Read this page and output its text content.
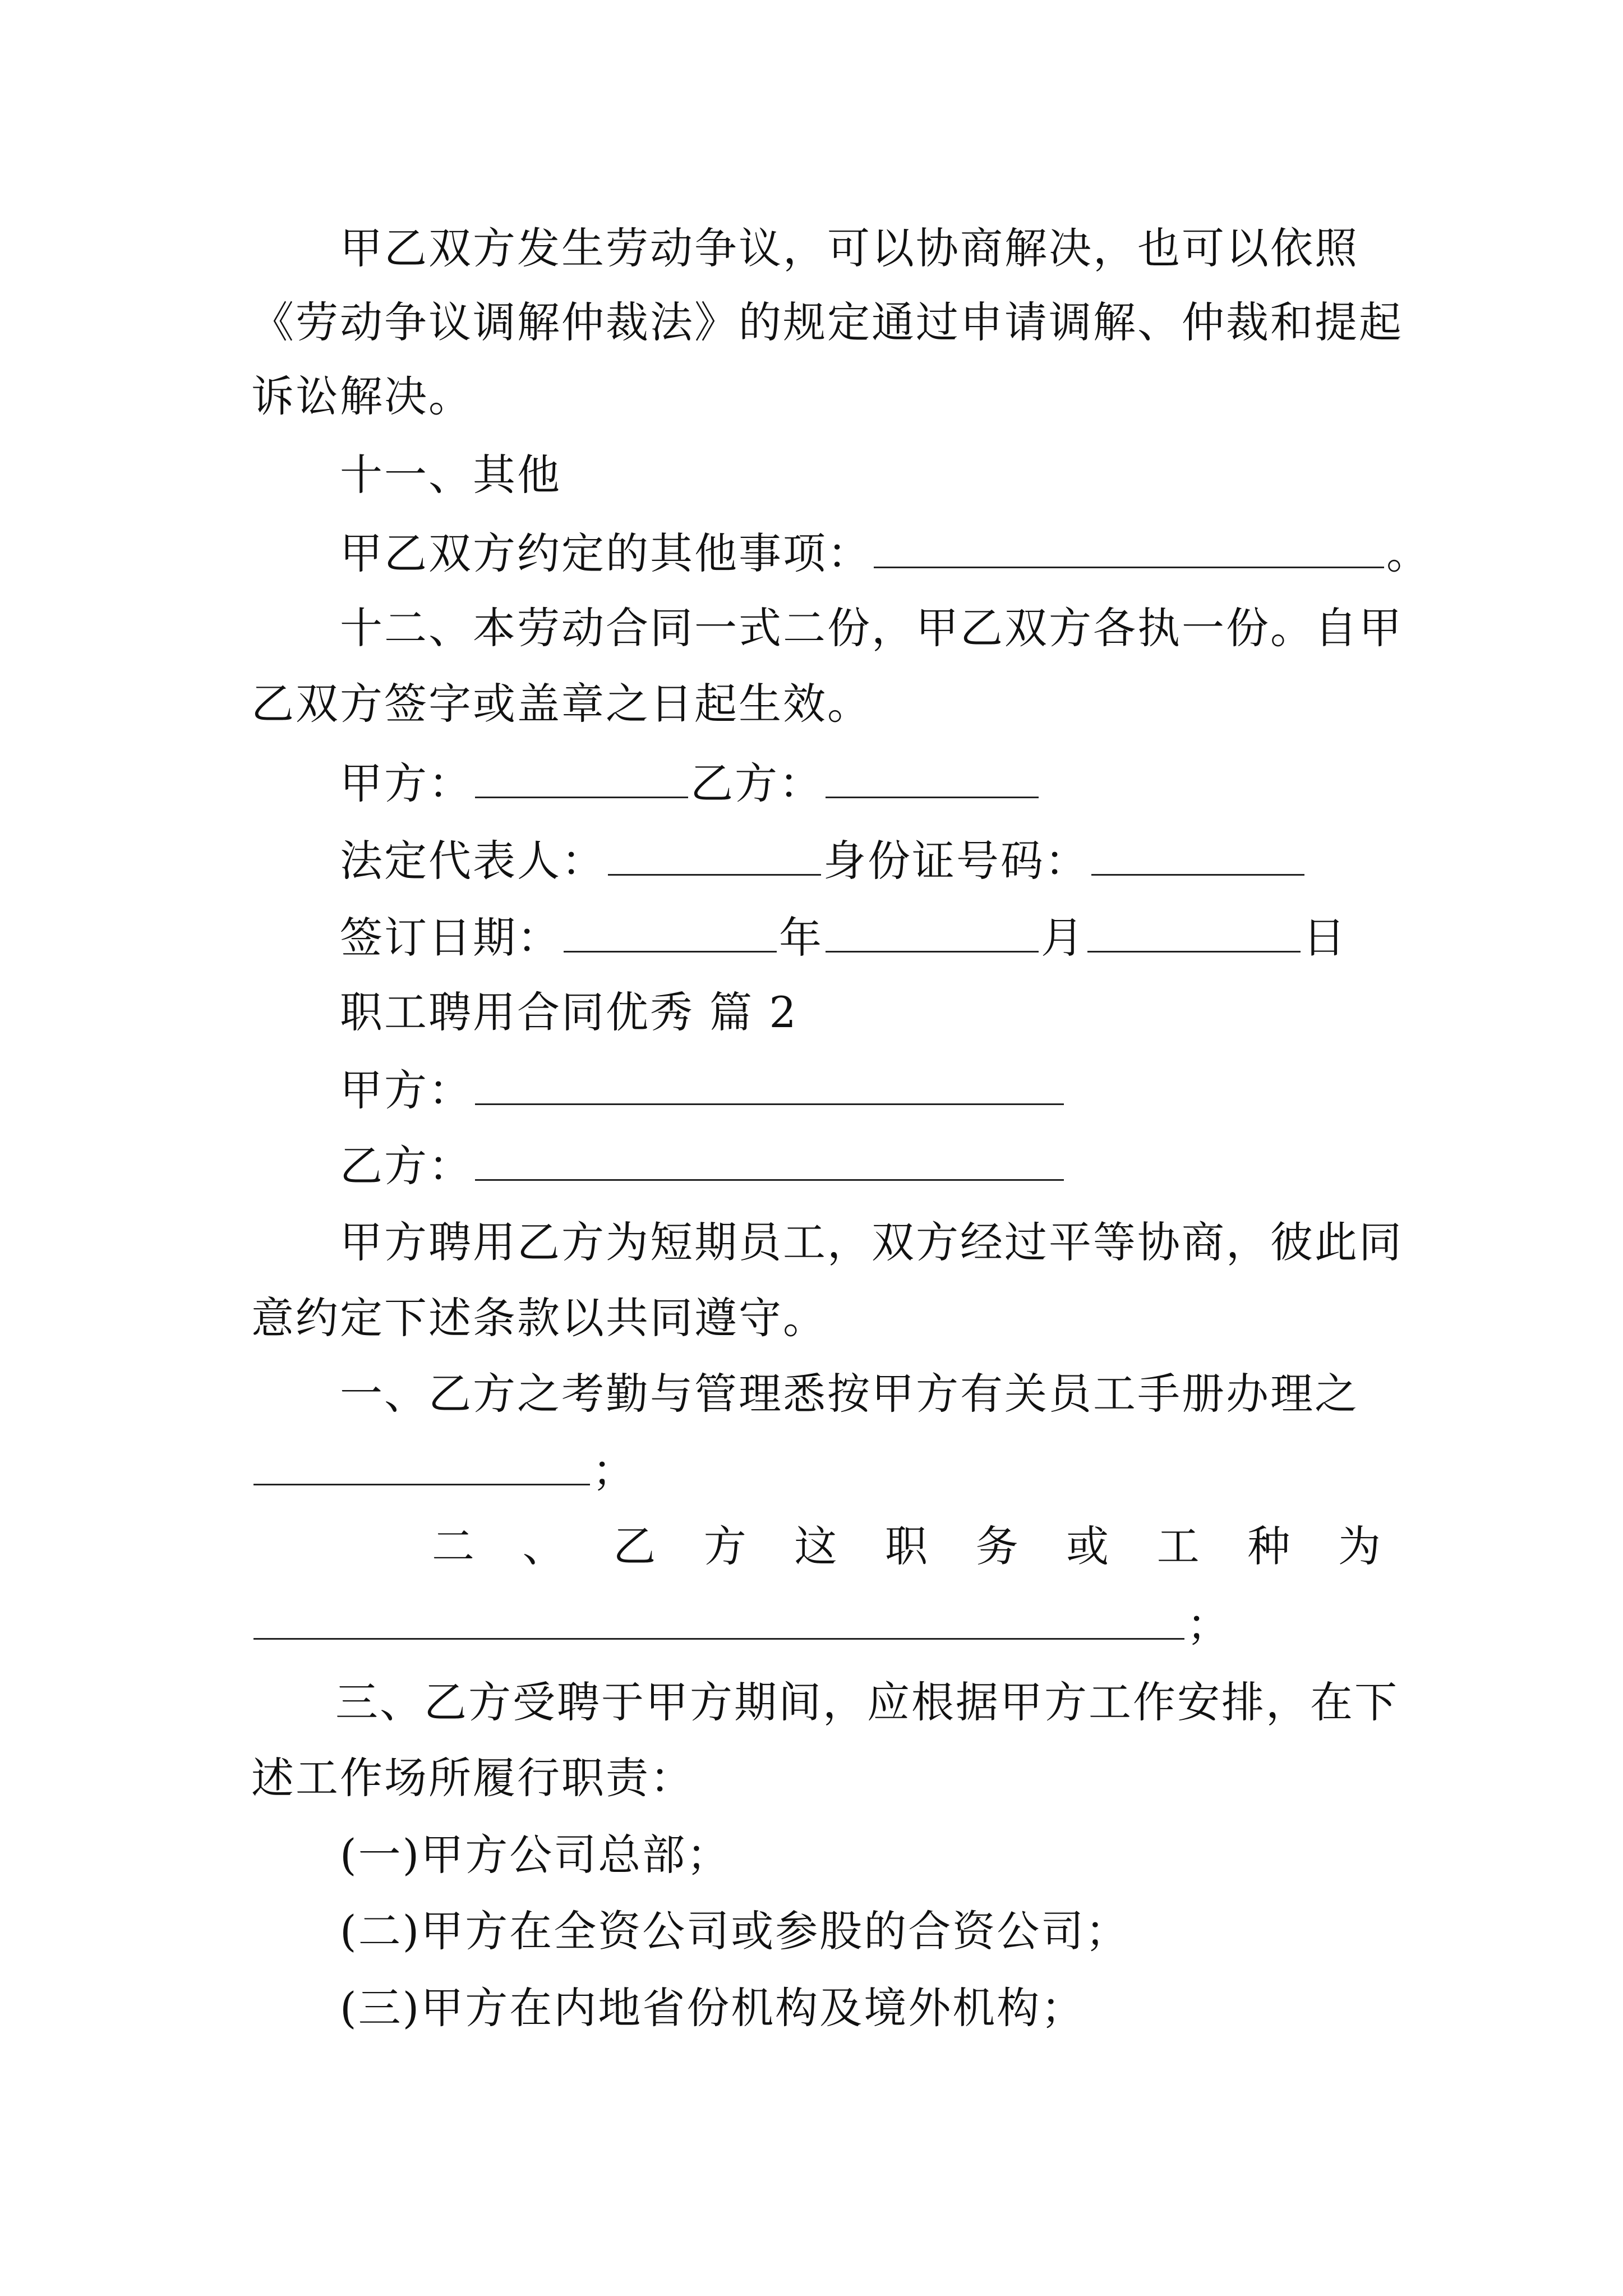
甲乙双方发生劳动争议，可以协商解决，也可以依照
《劳动争议调解仲裁法》的规定通过申请调解、仲裁和提起
诉讼解决。
十一、其他
甲乙双方约定的其他事项：	。
十二、本劳动合同一式二份，甲乙双方各执一份。自甲
乙双方签字或盖章之日起生效。
甲方：	乙方：
法定代表人：	身份证号码：
签订日期：	年	月	日
职工聘用合同优秀 篇 2
甲方：
乙方：
甲方聘用乙方为短期员工，双方经过平等协商，彼此同
意约定下述条款以共同遵守。
一、乙方之考勤与管理悉按甲方有关员工手册办理之
；
二 、 乙 方 这 职 务 或 工 种 为
；
三、乙方受聘于甲方期间，应根据甲方工作安排，在下
述工作场所履行职责：
(一)甲方公司总部；
(二)甲方在全资公司或参股的合资公司；
(三)甲方在内地省份机构及境外机构；
